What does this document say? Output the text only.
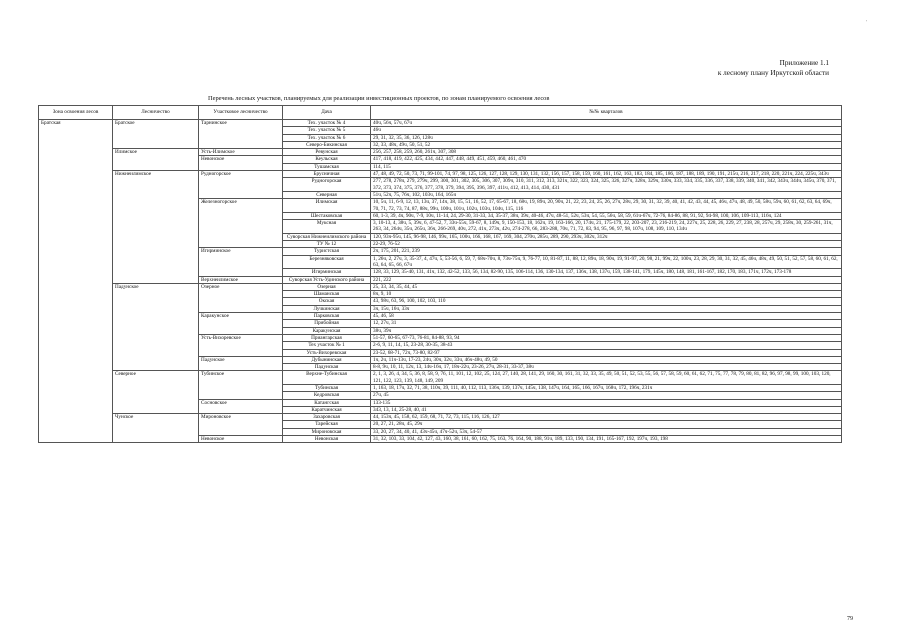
'
Приложение 1.1
к лесному плану Иркутской области
Перечень лесных участков, планируемых для реализации инвестиционных проектов, по зонам планируемого освоения лесов
Зона освоения лесов	Лесничество	Участковое лесничество	Дача	№№ кварталов
Братская	Братское	Тарнинское	Тех. участок № 4	40ч, 56ч, 57ч, 67ч
			Тех. участок № 5	46ч
			Тех. участок № 6	29, 31, 32, 35, 36, 126, 128ч
			Северо-Бикинская	32, 33, 48ч, 49ч, 50, 51, 52
	Илимское	Усть-Илимское	Ревунская	256, 257, 258, 259, 260, 261ч, 307, 308
		Невонское	Кеульская	417, 418, 419, 422, 425, 434, 442, 447, 448, 449, 451, 459, 460, 461, 470
			Тушамская	114, 115
	Нижнеилимское	Рудногорское	Брусничная	47, 48, 49, 72, 50, 73, 71, 99-101, 74, 97, 98, 125, 126, 127, 128, 129, 130, 131, 132, 156, 157, 158, 159, 160, 161, 162, 163, 183, 184, 185, 186, 187, 188, 189, 190, 191, 215ч, 216, 217, 218, 220, 221ч, 224, 225ч, 343ч
			Рудногорская	277, 278, 278ч, 279, 279ч, 299, 300, 301, 302, 305, 306, 307, 309ч, 310, 311, 312, 313, 321ч, 322, 323, 324, 325, 326, 327ч, 328ч, 329ч, 330ч, 333, 334, 335, 336, 337, 338, 339, 340, 341, 342, 343ч, 344ч, 345ч, 370, 371, 372, 373, 374, 375, 376, 377, 378, 379, 394, 395, 396, 397, 411ч, 412, 413, 414, 430, 431
			Северная	51ч, 52ч, 75, 76ч, 102, 103ч, 164, 165ч
		Железногорское	Илимская	10, 5ч, 11, 6-9, 12, 13, 13ч, 37, 14ч, 38, 15, 51, 16, 52, 17, 65-67, 18, 68ч, 19, 89ч, 20, 90ч, 21, 22, 23, 24, 25, 26, 27ч, 28ч, 29, 30, 31, 32, 39, 40, 41, 42, 43, 44, 45, 46ч, 47ч, 48, 49, 50, 58ч, 59ч, 60, 61, 62, 63, 64, 69ч, 70, 71, 72, 73, 74, 87, 88ч, 99ч, 100ч, 101ч, 102ч, 103ч, 104ч, 115, 116
			Шестаковская	60, 1-3, 39, 4ч, 90ч, 7-9, 10ч, 11-14, 24, 29-30, 31-33, 34, 35-37, 38ч, 39ч, 40-46, 47ч, 48-51, 52ч, 53ч, 54, 55, 56ч, 58, 59, 61ч-67ч, 72-76, 84-86, 88, 91, 92, 94-98, 100, 106, 109-113, 116ч, 124
			Муксная	3, 10-13, 4, 38ч, 5, 39ч, 6, 47-52, 7, 33ч-55ч, 59-67, 8, 149ч, 9, 150-153, 18, 162ч, 19, 163-166, 20, 174ч, 21, 175-179, 22, 203-207, 23, 216-219, 24, 227ч, 25, 228, 26, 229, 27, 238, 28, 257ч, 29, 258ч, 30, 259-261, 31ч, 263, 34, 264ч, 35ч, 265ч, 36ч, 266-269, 40ч, 272, 41ч, 273ч, 42ч, 274-278, 66, 283-288, 70ч, 71, 72, 83, 94, 95, 96, 97, 98, 107ч, 108, 109, 110, 134ч
			Суворская Нижнеилимского района	120, 93ч-95ч, 145, 96-98, 146, 99ч, 165, 100ч, 166, 168, 167, 169, 304, 270ч, 285ч, 289, 290, 293ч, 302ч, 312ч
			ТУ № 12	22-29, 76-52
		Игирминское	Туристская	2ч, 175, 201, 221, 239
			Березняковская	1, 26ч, 2, 27ч, 3, 35-37, 4, 47ч, 5, 53-56, 6, 59, 7, 68ч-70ч, 8, 73ч-75ч, 9, 76-77, 10, 81-87, 11, 88, 12, 89ч, 18, 90ч, 19, 91-97, 20, 98, 21, 99ч, 22, 100ч, 23, 28, 29, 30, 31, 32, 45, 46ч, 48ч, 49, 50, 51, 52, 57, 58, 60, 61, 62, 63, 64, 65, 66, 67ч
			Игирминская	128, 33, 129, 35-40, 131, 41ч, 132, 42-52, 133, 56, 134, 82-90, 135, 106-114, 136, 130-134, 137, 136ч, 138, 137ч, 159, 138-141, 179, 145ч, 180, 148, 181, 161-167, 182, 170, 183, 171ч, 172ч, 173-178
		Верхнеилимское	Суворская Усть-Удинского района	221, 222
	Падунское	Озерное	Озерная	25, 33, 34, 35, 44, 45
			Шаманская	8ч, 9, 10
			Окская	43, 98ч, 63, 96, 100, 102, 103, 110
			Лучкинская	3ч, 15ч, 16ч, 33ч
		Каракунское	Парковская	45, 46, 58
			Прибойная	12, 27ч, 31
			Каракунская	38ч, 39ч
		Усть-Вихоревское	Приангарская	51-57, 60-65, 67-73, 76-81, 84-88, 93, 94
			Тех участок № 1	2-6, 9, 11, 14, 15, 23-28, 30-35, 38-43
			Усть-Вихоревская	23-52, 68-71, 72ч, 73-80, 82-97
		Падунское	Дубынинская	1ч, 2ч, 11ч-13ч, 17-23, 24ч, 30ч, 32ч, 33ч, 46ч-48ч, 49, 50
			Падунская	8-8, 9ч, 10, 11, 12ч, 13, 14ч-16ч, 17, 18ч-22ч, 23-26, 27ч, 28-31, 33-37, 38ч
	Северное	Тубинское	Верхне-Тубинская	2, 1, 3, 26, 4, 34, 5, 36, 8, 58, 9, 76, 11, 101, 12, 102, 25, 124, 27, 140, 28, 141, 29, 160, 30, 161, 31, 32, 33, 35, 49, 50, 51, 52, 53, 55, 56, 57, 58, 59, 60, 61, 62, 71, 75, 77, 78, 79, 80, 81, 82, 96, 97, 98, 99, 100, 103, 120, 121, 122, 123, 139, 148, 149, 209
			Тубинская	1, 163, 18, 17ч, 32, 71, 38, 110ч, 39, 111, 40, 112, 113, 136ч, 139, 137ч, 145ч, 138, 147ч, 164, 165, 166, 167ч, 168ч, 172, 196ч, 231ч
			Кедровская	27ч, 45
		Сосновское	Катангская	133-135
			Каратчинская	343, 13, 14, 25-28, 40, 41
	Чунское	Мироновское	Захаровская	44, 153ч, 45, 158, 62, 159, 68, 71, 72, 73, 115, 116, 126, 127
			Тарейская	20, 27, 21, 28ч, 45, 29ч
			Мироновская	33, 20, 27, 34, 40, 41, 43ч-45ч, 47ч-52ч, 53ч, 54-57
		Невонское	Невонская	31, 32, 103, 33, 104, 42, 127, 43, 160, 38, 161, 60, 162, 75, 163, 76, 164, 90, 188, 91ч, 189, 133, 190, 134, 191, 165-167, 192, 197ч, 193, 198
79
